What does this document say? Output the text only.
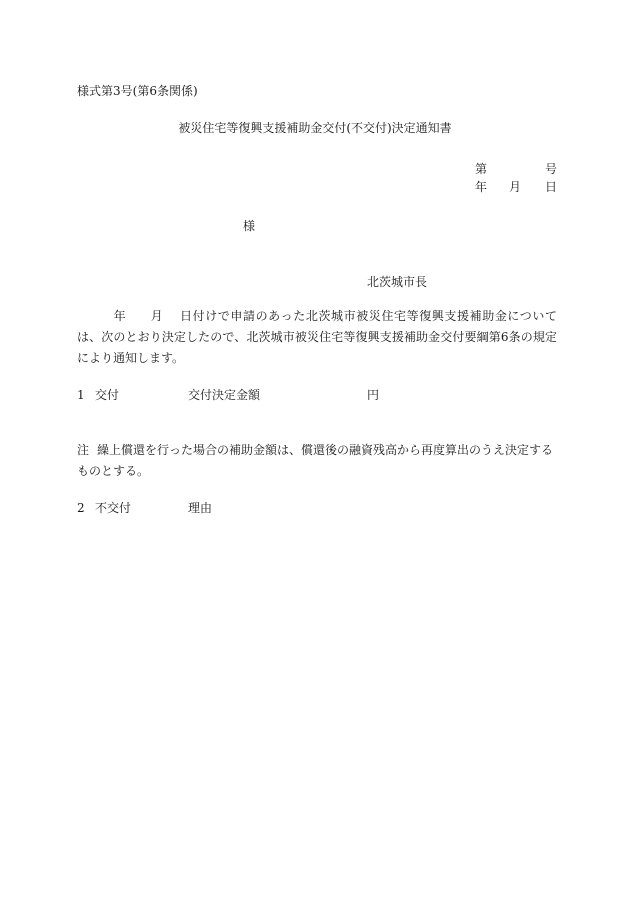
様式第3号(第6条関係)
被災住宅等復興支援補助金交付(不交付)決定通知書
第	号
年 月 日
様
北茨城市長
年 月 日付けで申請のあった北茨城市被災住宅等復興支援補助金については、次のとおり決定したので、北茨城市被災住宅等復興支援補助金交付要綱第6条の規定により通知します。
1 交付	交付決定金額	円
注 繰上償還を行った場合の補助金額は、償還後の融資残高から再度算出のうえ決定するものとする。
2 不交付	理由
